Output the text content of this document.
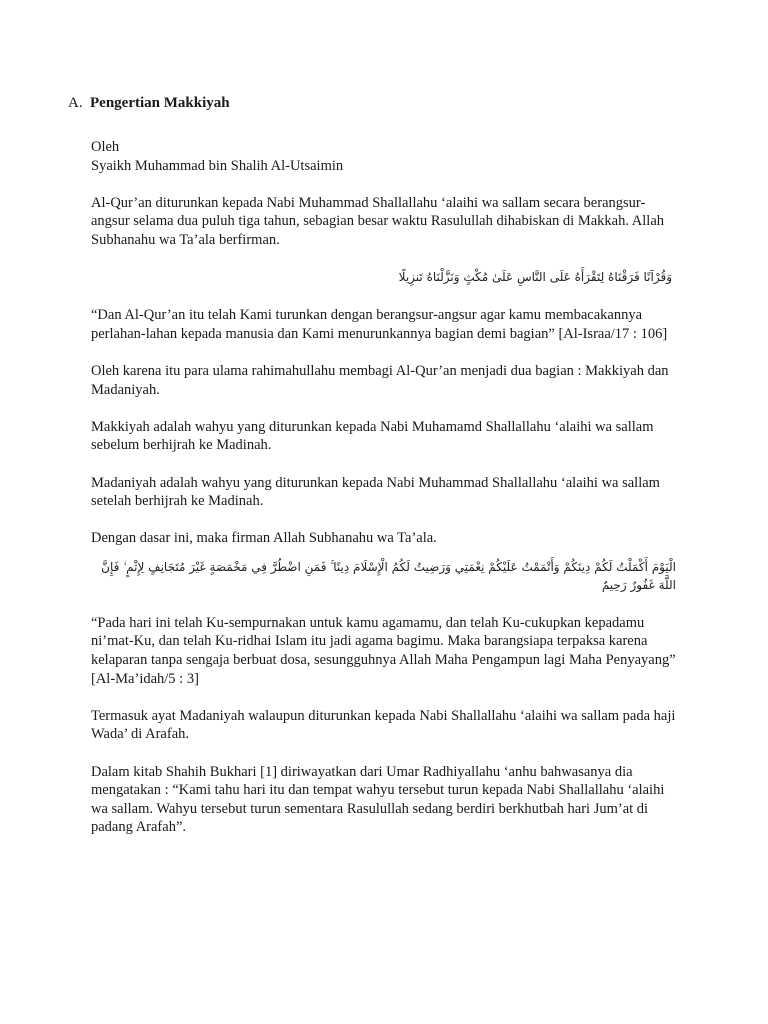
A. Pengertian Makkiyah

Oleh

Syaikh Muhammad bin Shalih Al-Utsaimin

Al-Qur’an diturunkan kepada Nabi Muhammad Shallallahu ‘alaihi wa sallam secara berangsur-angsur selama dua puluh tiga tahun, sebagian besar waktu Rasulullah dihabiskan di Makkah. Allah Subhanahu wa Ta’ala berfirman.

وَقُرْآنًا فَرَقْنَاهُ لِتَقْرَأَهُ عَلَى النَّاسِ عَلَىٰ مُكْثٍ وَنَزَّلْنَاهُ تَنزِيلًا

“Dan Al-Qur’an itu telah Kami turunkan dengan berangsur-angsur agar kamu membacakannya perlahan-lahan kepada manusia dan Kami menurunkannya bagian demi bagian” [Al-Israa/17 : 106]

Oleh karena itu para ulama rahimahullahu membagi Al-Qur’an menjadi dua bagian : Makkiyah dan Madaniyah.

Makkiyah adalah wahyu yang diturunkan kepada Nabi Muhamamd Shallallahu ‘alaihi wa sallam sebelum berhijrah ke Madinah.

Madaniyah adalah wahyu yang diturunkan kepada Nabi Muhammad Shallallahu ‘alaihi wa sallam setelah berhijrah ke Madinah.

Dengan dasar ini, maka firman Allah Subhanahu wa Ta’ala.

الْيَوْمَ أَكْمَلْتُ لَكُمْ دِينَكُمْ وَأَتْمَمْتُ عَلَيْكُمْ نِعْمَتِي وَرَضِيتُ لَكُمُ الْإِسْلَامَ دِينًا ۚ فَمَنِ اضْطُرَّ فِي مَخْمَصَةٍ غَيْرَ مُتَجَانِفٍ لِإِثْمٍ ۙ فَإِنَّ اللَّهَ غَفُورٌ رَحِيمٌ

“Pada hari ini telah Ku-sempurnakan untuk kamu agamamu, dan telah Ku-cukupkan kepadamu ni’mat-Ku, dan telah Ku-ridhai Islam itu jadi agama bagimu. Maka barangsiapa terpaksa karena kelaparan tanpa sengaja berbuat dosa, sesungguhnya Allah Maha Pengampun lagi Maha Penyayang” [Al-Ma’idah/5 : 3]

Termasuk ayat Madaniyah walaupun diturunkan kepada Nabi Shallallahu ‘alaihi wa sallam pada haji Wada’ di Arafah.

Dalam kitab Shahih Bukhari [1] diriwayatkan dari Umar Radhiyallahu ‘anhu bahwasanya dia mengatakan : “Kami tahu hari itu dan tempat wahyu tersebut turun kepada Nabi Shallallahu ‘alaihi wa sallam. Wahyu tersebut turun sementara Rasulullah sedang berdiri berkhutbah hari Jum’at di padang Arafah”.
